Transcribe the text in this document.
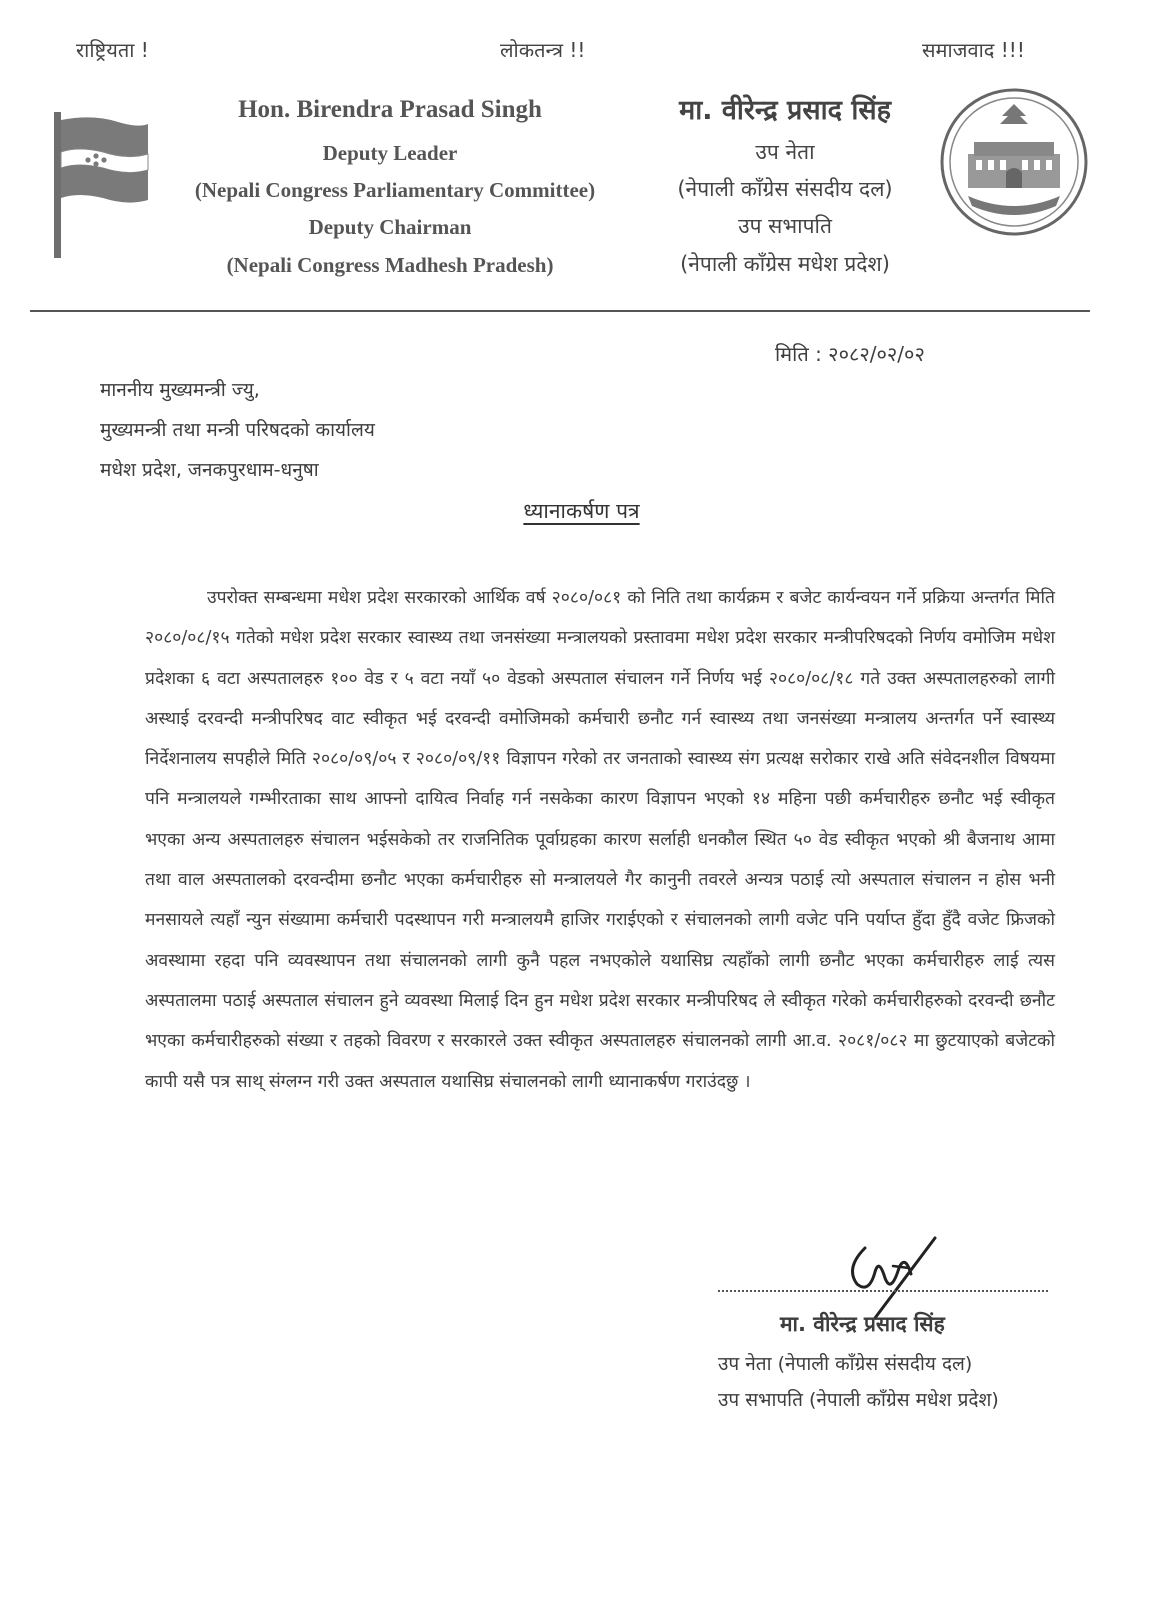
राष्ट्रियता !	लोकतन्त्र !!	समाजवाद !!!
Hon. Birendra Prasad Singh
Deputy Leader
(Nepali Congress Parliamentary Committee)
Deputy Chairman
(Nepali Congress Madhesh Pradesh)
मा. वीरेन्द्र प्रसाद सिंह
उप नेता
(नेपाली काँग्रेस संसदीय दल)
उप सभापति
(नेपाली काँग्रेस मधेश प्रदेश)
मिति : २०८२/०२/०२
माननीय मुख्यमन्त्री ज्यु,
मुख्यमन्त्री तथा मन्त्री परिषदको कार्यालय
मधेश प्रदेश, जनकपुरधाम-धनुषा
ध्यानाकर्षण पत्र
उपरोक्त सम्बन्धमा मधेश प्रदेश सरकारको आर्थिक वर्ष २०८०/०८१ को निति तथा कार्यक्रम र बजेट कार्यन्वयन गर्ने प्रक्रिया अन्तर्गत मिति २०८०/०८/१५ गतेको मधेश प्रदेश सरकार स्वास्थ्य तथा जनसंख्या मन्त्रालयको प्रस्तावमा मधेश प्रदेश सरकार मन्त्रीपरिषदको निर्णय वमोजिम मधेश प्रदेशका ६ वटा अस्पतालहरु १०० वेड र ५ वटा नयाँ ५० वेडको अस्पताल संचालन गर्ने निर्णय भई २०८०/०८/१८ गते उक्त अस्पतालहरुको लागी अस्थाई दरवन्दी मन्त्रीपरिषद वाट स्वीकृत भई दरवन्दी वमोजिमको कर्मचारी छनौट गर्न स्वास्थ्य तथा जनसंख्या मन्त्रालय अन्तर्गत पर्ने स्वास्थ्य निर्देशनालय सपहीले मिति २०८०/०९/०५ र २०८०/०९/११ विज्ञापन गरेको तर जनताको स्वास्थ्य संग प्रत्यक्ष सरोकार राखे अति संवेदनशील विषयमा पनि मन्त्रालयले गम्भीरताका साथ आफ्नो दायित्व निर्वाह गर्न नसकेका कारण विज्ञापन भएको १४ महिना पछी कर्मचारीहरु छनौट भई स्वीकृत भएका अन्य अस्पतालहरु संचालन भईसकेको तर राजनितिक पूर्वाग्रहका कारण सर्लाही धनकौल स्थित ५० वेड स्वीकृत भएको श्री बैजनाथ आमा तथा वाल अस्पतालको दरवन्दीमा छनौट भएका कर्मचारीहरु सो मन्त्रालयले गैर कानुनी तवरले अन्यत्र पठाई त्यो अस्पताल संचालन न होस भनी मनसायले त्यहाँ न्युन संख्यामा कर्मचारी पदस्थापन गरी मन्त्रालयमै हाजिर गराईएको र संचालनको लागी वजेट पनि पर्याप्त हुँदा हुँदै वजेट फ्रिजको अवस्थामा रहदा पनि व्यवस्थापन तथा संचालनको लागी कुनै पहल नभएकोले यथासिघ्र त्यहाँको लागी छनौट भएका कर्मचारीहरु लाई त्यस अस्पतालमा पठाई अस्पताल संचालन हुने व्यवस्था मिलाई दिन हुन मधेश प्रदेश सरकार मन्त्रीपरिषद ले स्वीकृत गरेको कर्मचारीहरुको दरवन्दी छनौट भएका कर्मचारीहरुको संख्या र तहको विवरण र सरकारले उक्त स्वीकृत अस्पतालहरु संचालनको लागी आ.व. २०८१/०८२ मा छुटयाएको बजेटको कापी यसै पत्र साथ् संग्लग्न गरी उक्त अस्पताल यथासिघ्र संचालनको लागी ध्यानाकर्षण गराउंदछु ।
मा. वीरेन्द्र प्रसाद सिंह
उप नेता (नेपाली काँग्रेस संसदीय दल)
उप सभापति (नेपाली काँग्रेस मधेश प्रदेश)
